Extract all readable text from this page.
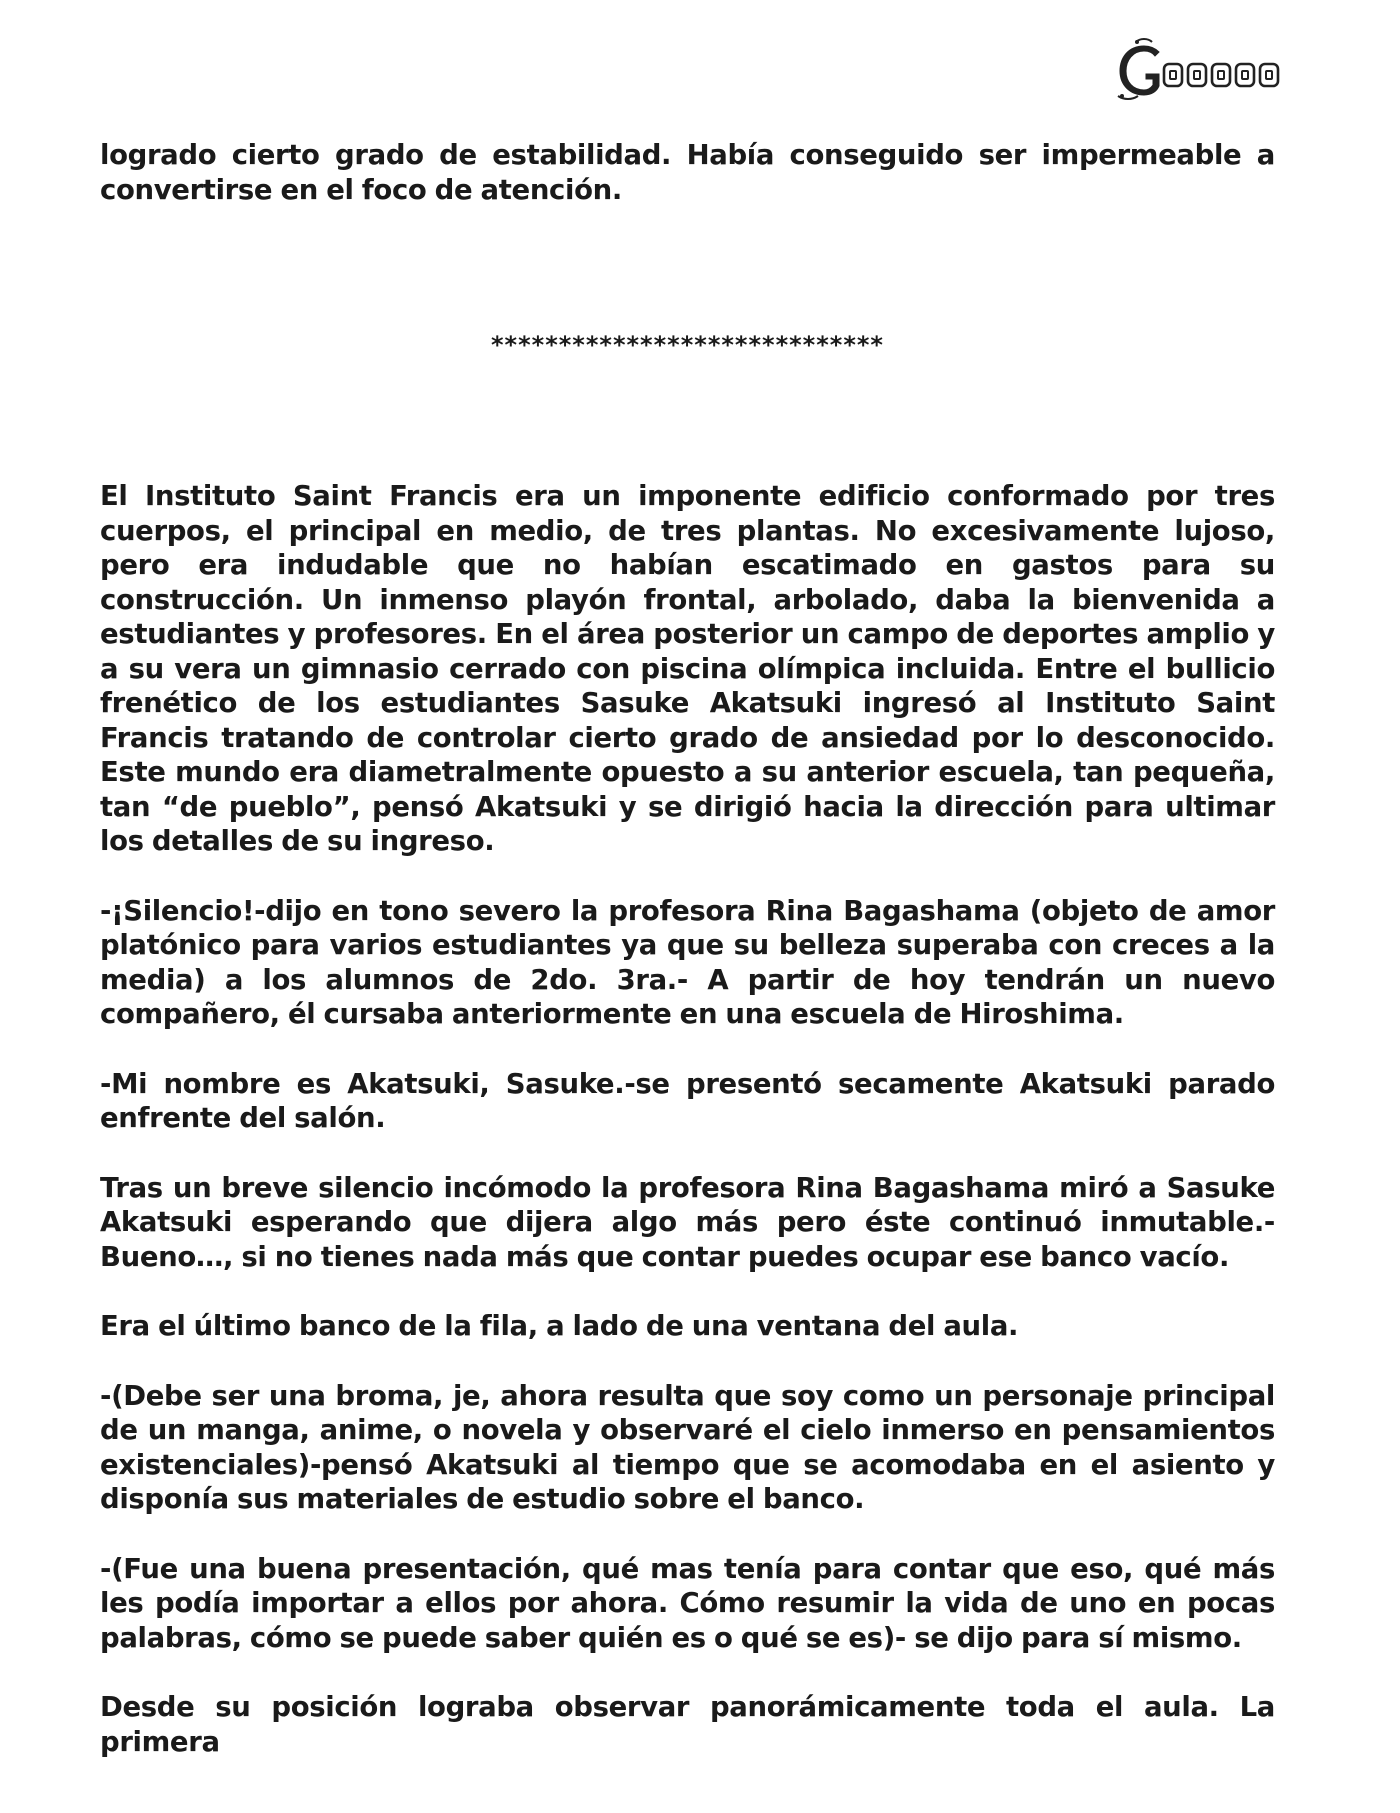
Gaesos

logrado cierto grado de estabilidad. Había conseguido ser impermeable a convertirse en el foco de atención.

*****************************

El Instituto Saint Francis era un imponente edificio conformado por tres cuerpos, el principal en medio, de tres plantas. No excesivamente lujoso, pero era indudable que no habían escatimado en gastos para su construcción. Un inmenso playón frontal, arbolado, daba la bienvenida a estudiantes y profesores. En el área posterior un campo de deportes amplio y a su vera un gimnasio cerrado con piscina olímpica incluida. Entre el bullicio frenético de los estudiantes Sasuke Akatsuki ingresó al Instituto Saint Francis tratando de controlar cierto grado de ansiedad por lo desconocido. Este mundo era diametralmente opuesto a su anterior escuela, tan pequeña, tan “de pueblo”, pensó Akatsuki y se dirigió hacia la dirección para ultimar los detalles de su ingreso.

-¡Silencio!-dijo en tono severo la profesora Rina Bagashama (objeto de amor platónico para varios estudiantes ya que su belleza superaba con creces a la media) a los alumnos de 2do. 3ra.- A partir de hoy tendrán un nuevo compañero, él cursaba anteriormente en una escuela de Hiroshima.

-Mi nombre es Akatsuki, Sasuke.-se presentó secamente Akatsuki parado enfrente del salón.

Tras un breve silencio incómodo la profesora Rina Bagashama miró a Sasuke Akatsuki esperando que dijera algo más pero éste continuó inmutable.-Bueno…, si no tienes nada más que contar puedes ocupar ese banco vacío.

Era el último banco de la fila, a lado de una ventana del aula.

-(Debe ser una broma, je, ahora resulta que soy como un personaje principal de un manga, anime, o novela y observaré el cielo inmerso en pensamientos existenciales)-pensó Akatsuki al tiempo que se acomodaba en el asiento y disponía sus materiales de estudio sobre el banco.

-(Fue una buena presentación, qué mas tenía para contar que eso, qué más les podía importar a ellos por ahora. Cómo resumir la vida de uno en pocas palabras, cómo se puede saber quién es o qué se es)- se dijo para sí mismo.

Desde su posición lograba observar panorámicamente toda el aula. La primera
